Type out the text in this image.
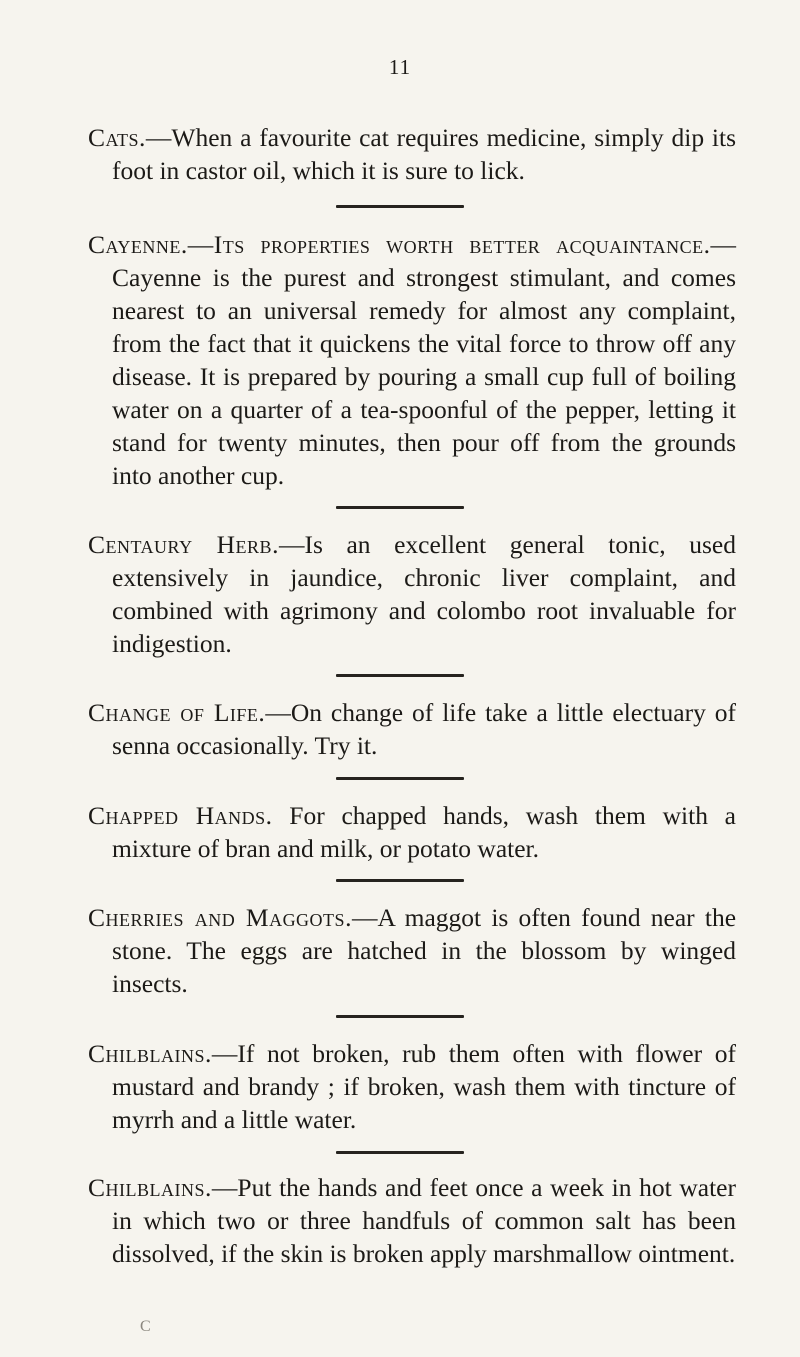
11

Cats.—When a favourite cat requires medicine, simply dip its foot in castor oil, which it is sure to lick.

Cayenne.—Its properties worth better acquaintance.— Cayenne is the purest and strongest stimulant, and comes nearest to an universal remedy for almost any complaint, from the fact that it quickens the vital force to throw off any disease. It is prepared by pouring a small cup full of boiling water on a quarter of a tea-spoonful of the pepper, letting it stand for twenty minutes, then pour off from the grounds into another cup.

Centaury Herb.—Is an excellent general tonic, used extensively in jaundice, chronic liver complaint, and combined with agrimony and colombo root invaluable for indigestion.

Change of Life.—On change of life take a little electuary of senna occasionally. Try it.

Chapped Hands. For chapped hands, wash them with a mixture of bran and milk, or potato water.

Cherries and Maggots.—A maggot is often found near the stone. The eggs are hatched in the blossom by winged insects.

Chilblains.—If not broken, rub them often with flower of mustard and brandy ; if broken, wash them with tincture of myrrh and a little water.

Chilblains.—Put the hands and feet once a week in hot water in which two or three handfuls of common salt has been dissolved, if the skin is broken apply marshmallow ointment.

C
